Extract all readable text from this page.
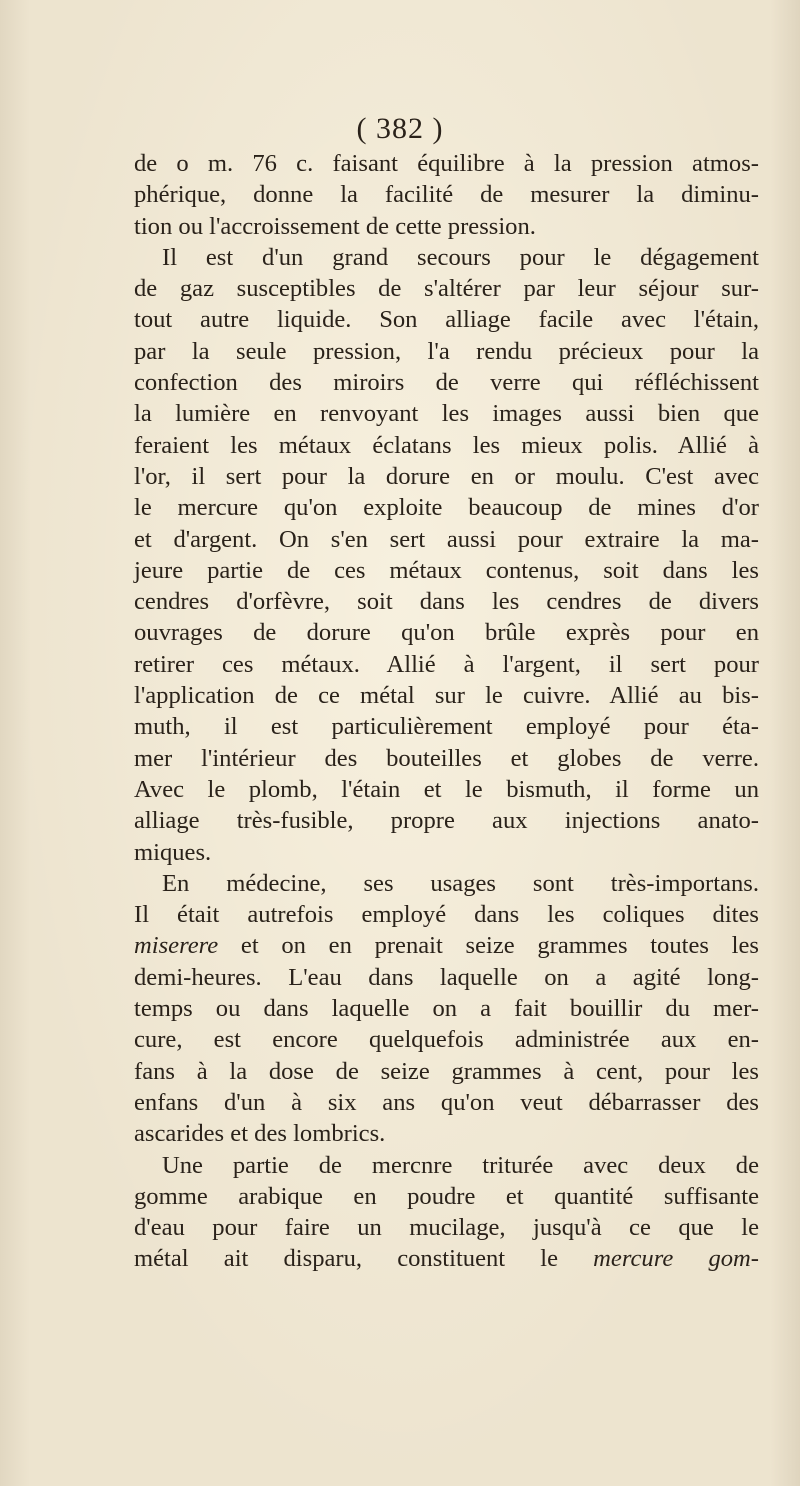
( 382 )
de o m. 76 c. faisant équilibre à la pression atmos-
phérique, donne la facilité de mesurer la diminu-
tion ou l'accroissement de cette pression.
Il est d'un grand secours pour le dégagement
de gaz susceptibles de s'altérer par leur séjour sur-
tout autre liquide. Son alliage facile avec l'étain,
par la seule pression, l'a rendu précieux pour la
confection des miroirs de verre qui réfléchissent
la lumière en renvoyant les images aussi bien que
feraient les métaux éclatans les mieux polis. Allié à
l'or, il sert pour la dorure en or moulu. C'est avec
le mercure qu'on exploite beaucoup de mines d'or
et d'argent. On s'en sert aussi pour extraire la ma-
jeure partie de ces métaux contenus, soit dans les
cendres d'orfèvre, soit dans les cendres de divers
ouvrages de dorure qu'on brûle exprès pour en
retirer ces métaux. Allié à l'argent, il sert pour
l'application de ce métal sur le cuivre. Allié au bis-
muth, il est particulièrement employé pour éta-
mer l'intérieur des bouteilles et globes de verre.
Avec le plomb, l'étain et le bismuth, il forme un
alliage très-fusible, propre aux injections anato-
miques.
En médecine, ses usages sont très-importans.
Il était autrefois employé dans les coliques dites
miserere et on en prenait seize grammes toutes les
demi-heures. L'eau dans laquelle on a agité long-
temps ou dans laquelle on a fait bouillir du mer-
cure, est encore quelquefois administrée aux en-
fans à la dose de seize grammes à cent, pour les
enfans d'un à six ans qu'on veut débarrasser des
ascarides et des lombrics.
Une partie de mercnre triturée avec deux de
gomme arabique en poudre et quantité suffisante
d'eau pour faire un mucilage, jusqu'à ce que le
métal ait disparu, constituent le mercure gom-
